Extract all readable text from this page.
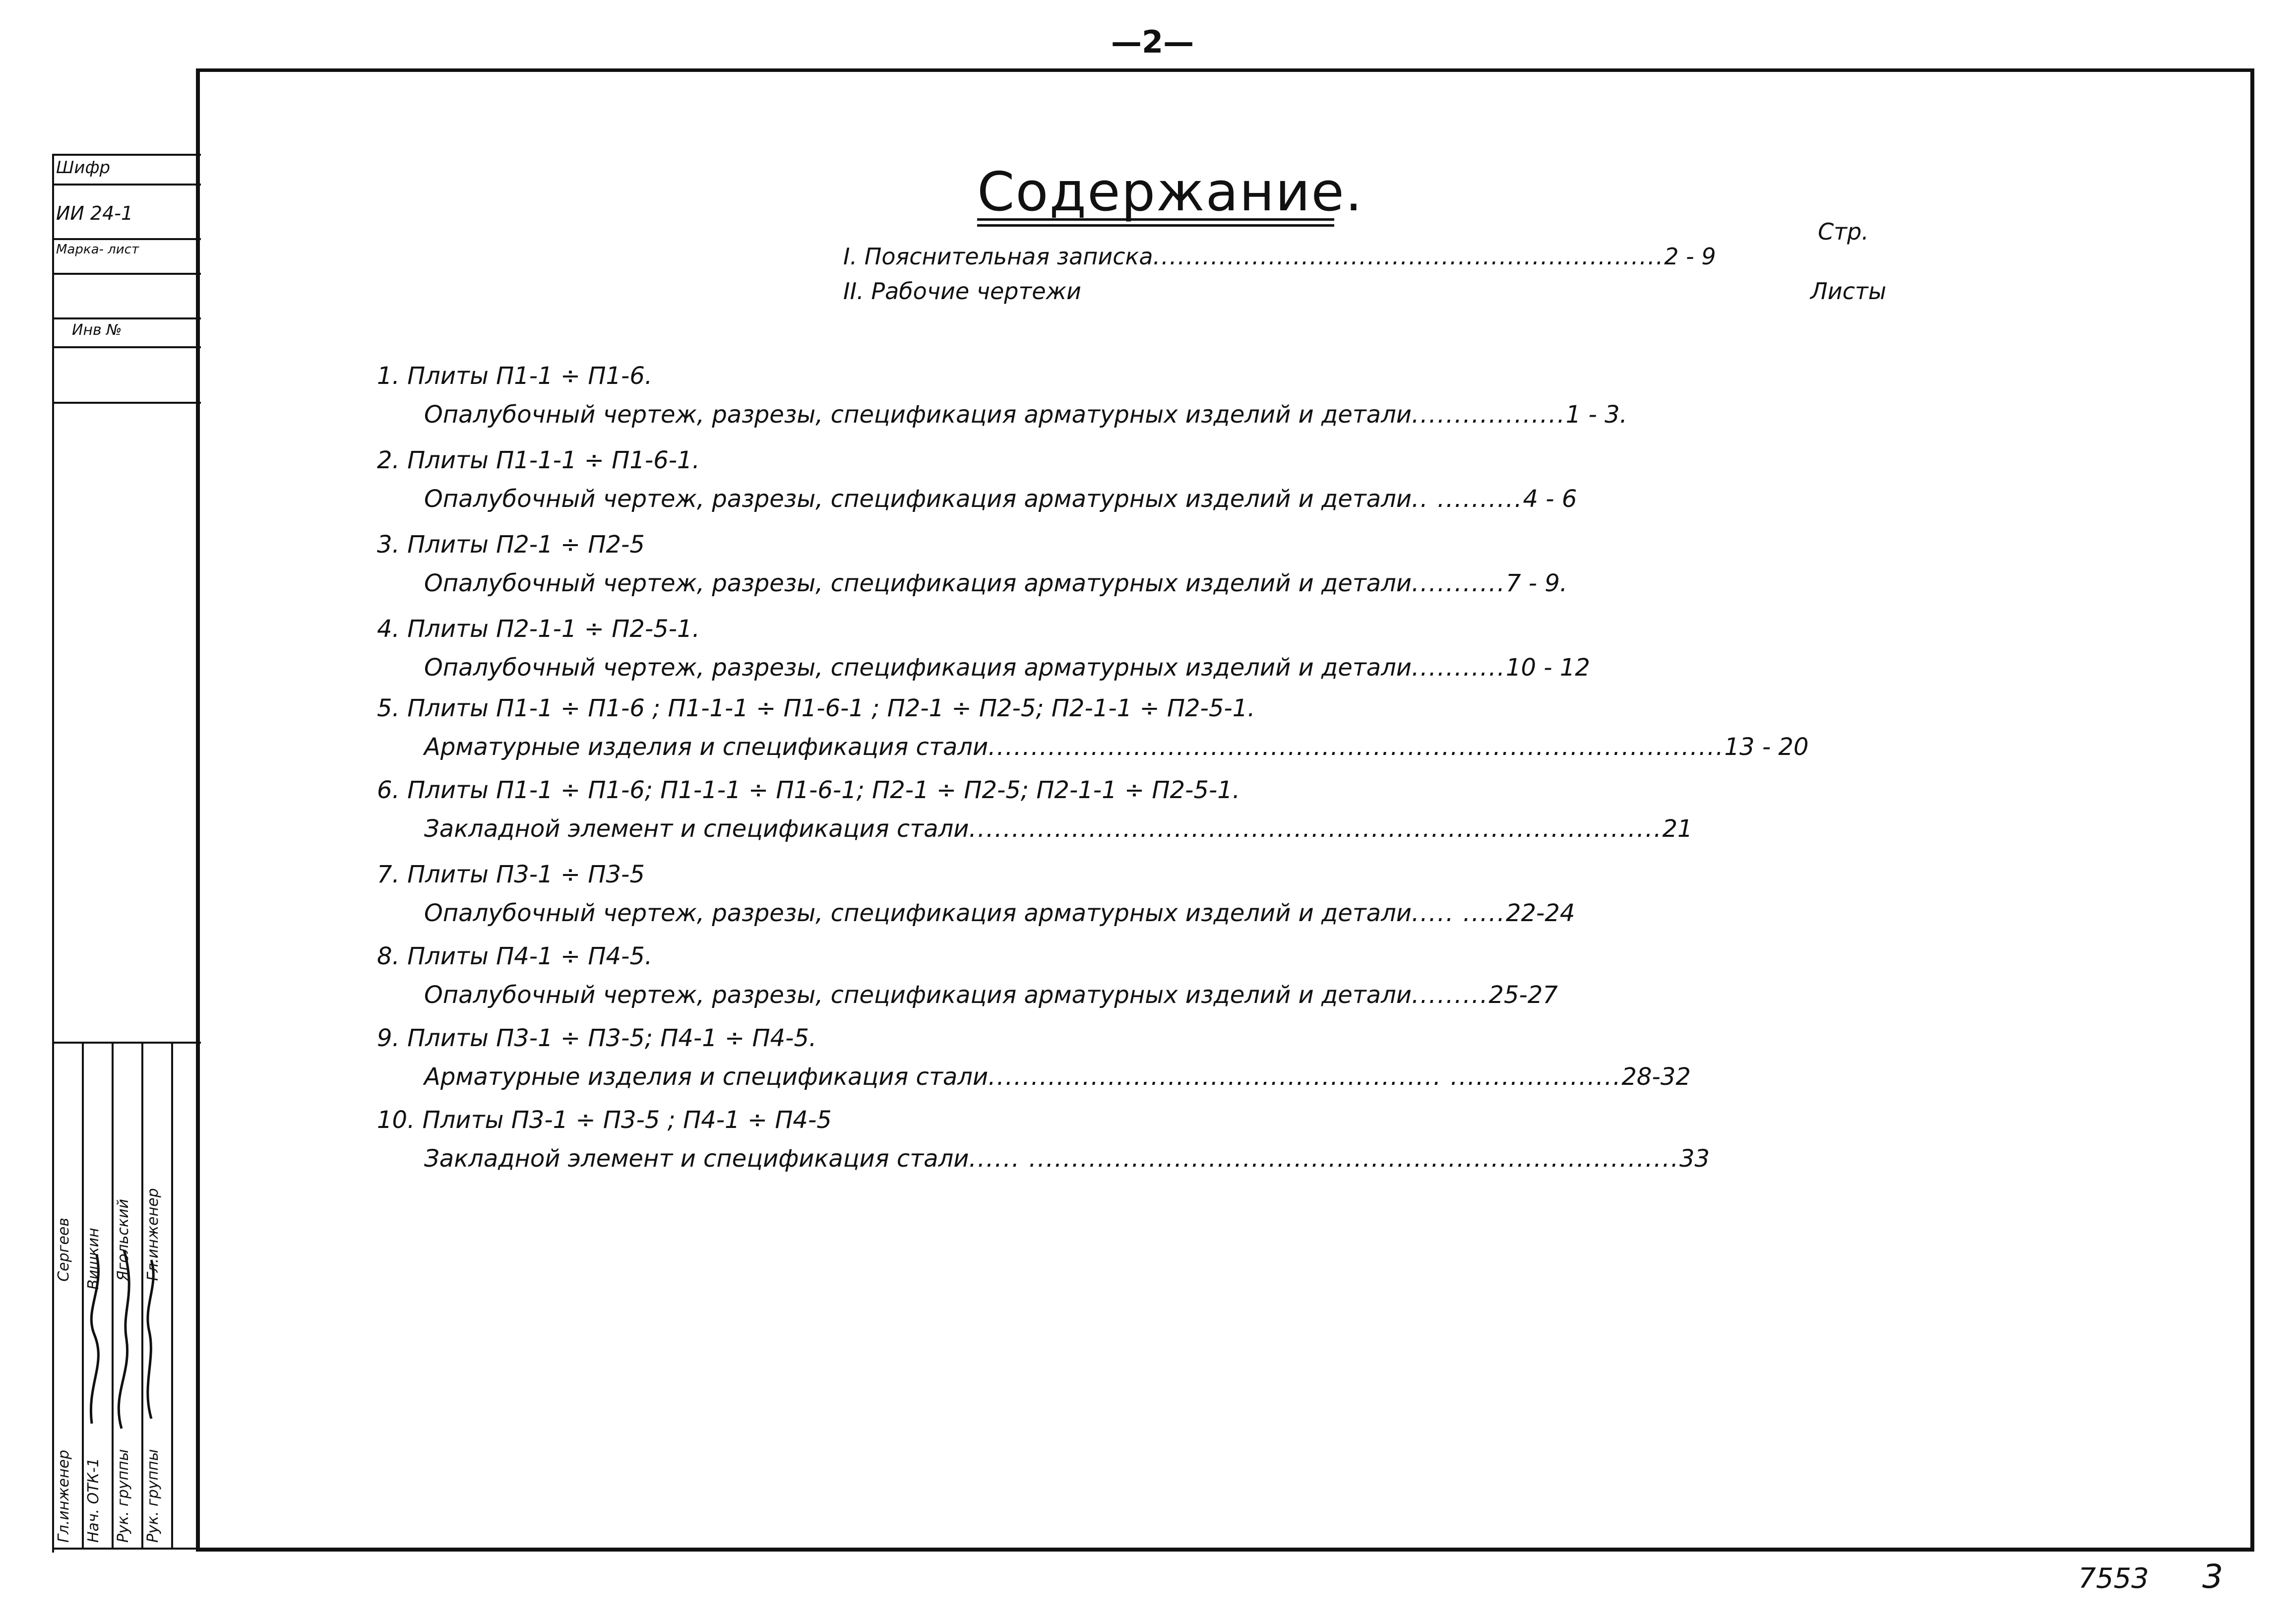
—2—
Шифр
ИИ 24-1
Марка- лист
Инв №
Гл.инженер  Сергеев
Нач. ОТК-1  Вишкин
Рук. группы  Ягольский
Рук. группы  Гл.инженер
Содержание.
Стр.
I. Пояснительная записка..............................................................2 - 9
II. Рабочие чертежи	Листы
1. Плиты П1-1 ÷ П1-6.
Опалубочный чертеж, разрезы, спецификация арматурных изделий и детали..................1 - 3.
2. Плиты П1-1-1 ÷ П1-6-1.
Опалубочный чертеж, разрезы, спецификация арматурных изделий и детали.. ..........4 - 6
3. Плиты П2-1 ÷ П2-5
Опалубочный чертеж, разрезы, спецификация арматурных изделий и детали...........7 - 9.
4. Плиты П2-1-1 ÷ П2-5-1.
Опалубочный чертеж, разрезы, спецификация арматурных изделий и детали...........10 - 12
5. Плиты П1-1 ÷ П1-6 ; П1-1-1 ÷ П1-6-1 ; П2-1 ÷ П2-5; П2-1-1 ÷ П2-5-1.
Арматурные изделия и спецификация стали......................................................................................13 - 20
6. Плиты П1-1 ÷ П1-6; П1-1-1 ÷ П1-6-1; П2-1 ÷ П2-5; П2-1-1 ÷ П2-5-1.
Закладной элемент и спецификация стали.................................................................................21
7. Плиты П3-1 ÷ П3-5
Опалубочный чертеж, разрезы, спецификация арматурных изделий и детали..... .....22-24
8. Плиты П4-1 ÷ П4-5.
Опалубочный чертеж, разрезы, спецификация арматурных изделий и детали.........25-27
9. Плиты П3-1 ÷ П3-5; П4-1 ÷ П4-5.
Арматурные изделия и спецификация стали..................................................... ....................28-32
10. Плиты П3-1 ÷ П3-5 ; П4-1 ÷ П4-5
Закладной элемент и спецификация стали...... ............................................................................33
7553 3
